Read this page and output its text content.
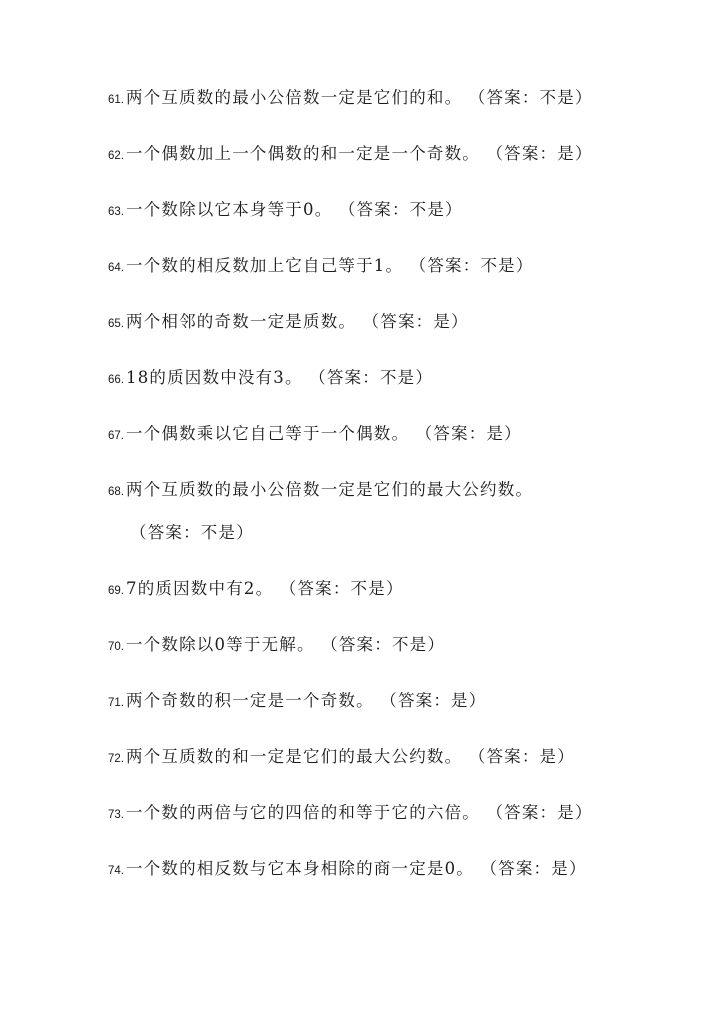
61. 两个互质数的最小公倍数一定是它们的和。 （答案：不是）
62. 一个偶数加上一个偶数的和一定是一个奇数。 （答案：是）
63. 一个数除以它本身等于0。 （答案：不是）
64. 一个数的相反数加上它自己等于1。 （答案：不是）
65. 两个相邻的奇数一定是质数。 （答案：是）
66. 18的质因数中没有3。 （答案：不是）
67. 一个偶数乘以它自己等于一个偶数。 （答案：是）
68. 两个互质数的最小公倍数一定是它们的最大公约数。
（答案：不是）
69. 7的质因数中有2。 （答案：不是）
70. 一个数除以0等于无解。 （答案：不是）
71. 两个奇数的积一定是一个奇数。 （答案：是）
72. 两个互质数的和一定是它们的最大公约数。 （答案：是）
73. 一个数的两倍与它的四倍的和等于它的六倍。 （答案：是）
74. 一个数的相反数与它本身相除的商一定是0。 （答案：是）
